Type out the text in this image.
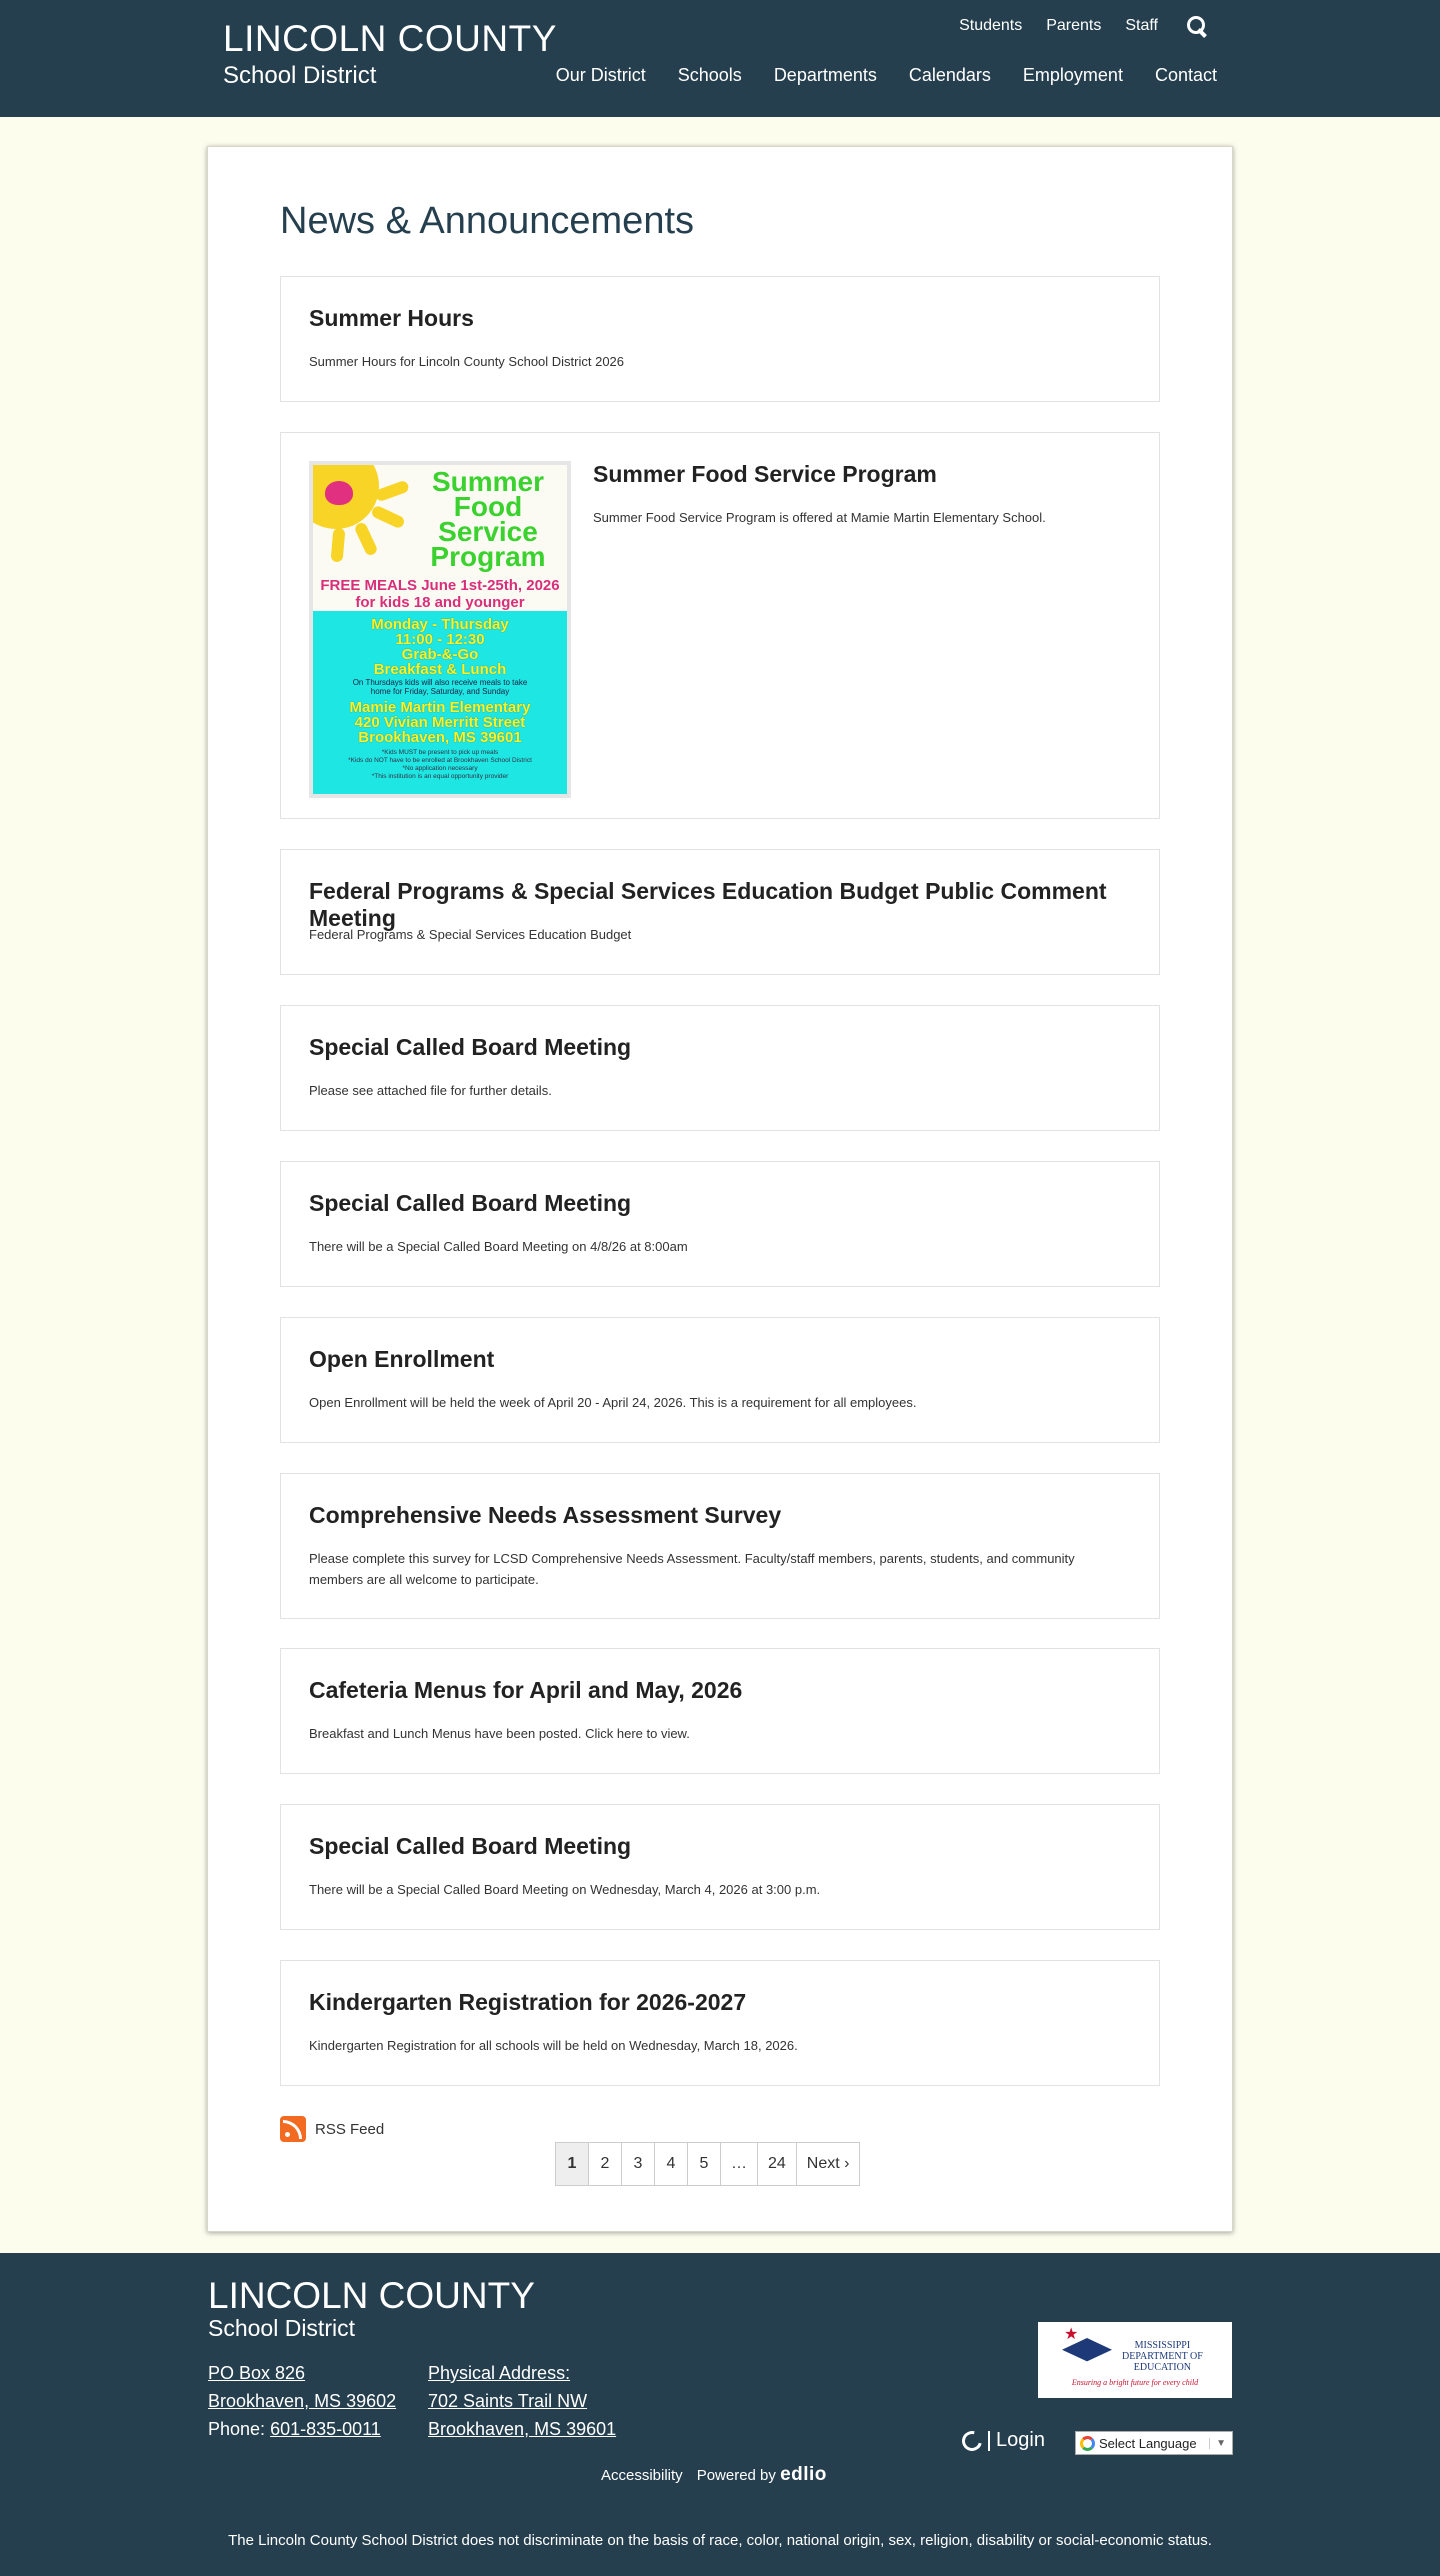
LINCOLN COUNTY
School District
Students Parents Staff
Our District Schools Departments Calendars Employment Contact
News & Announcements
Summer Hours

Summer Hours for Lincoln County School District 2026

Summer Food Service Program
FREE MEALS June 1st-25th, 2026 for kids 18 and younger
Monday - Thursday
11:00 - 12:30
Grab-&-Go
Breakfast & Lunch
On Thursdays kids will also receive meals to take home for Friday, Saturday, and Sunday
Mamie Martin Elementary
420 Vivian Merritt Street
Brookhaven, MS 39601
*Kids MUST be present to pick up meals
*Kids do NOT have to be enrolled at Brookhaven School District
*No application necessary
*This institution is an equal opportunity provider
Summer Food Service Program

Summer Food Service Program is offered at Mamie Martin Elementary School.

Federal Programs & Special Services Education Budget Public Comment Meeting

Federal Programs & Special Services Education Budget

Special Called Board Meeting

Please see attached file for further details.

Special Called Board Meeting

There will be a Special Called Board Meeting on 4/8/26 at 8:00am

Open Enrollment

Open Enrollment will be held the week of April 20 - April 24, 2026. This is a requirement for all employees.

Comprehensive Needs Assessment Survey

Please complete this survey for LCSD Comprehensive Needs Assessment. Faculty/staff members, parents, students, and community members are all welcome to participate.

Cafeteria Menus for April and May, 2026

Breakfast and Lunch Menus have been posted. Click here to view.

Special Called Board Meeting

There will be a Special Called Board Meeting on Wednesday, March 4, 2026 at 3:00 p.m.

Kindergarten Registration for 2026-2027

Kindergarten Registration for all schools will be held on Wednesday, March 18, 2026.

RSS Feed
1	2	3	4	5	…	24	Next ›
LINCOLN COUNTY
School District
PO Box 826
Brookhaven, MS 39602
Phone: 601-835-0011
Physical Address:
702 Saints Trail NW
Brookhaven, MS 39601
★
MISSISSIPPI
DEPARTMENT OF
EDUCATION
Ensuring a bright future for every child
Login	Select Language	▼
Accessibility Powered by edlio
The Lincoln County School District does not discriminate on the basis of race, color, national origin, sex, religion, disability or social-economic status.
